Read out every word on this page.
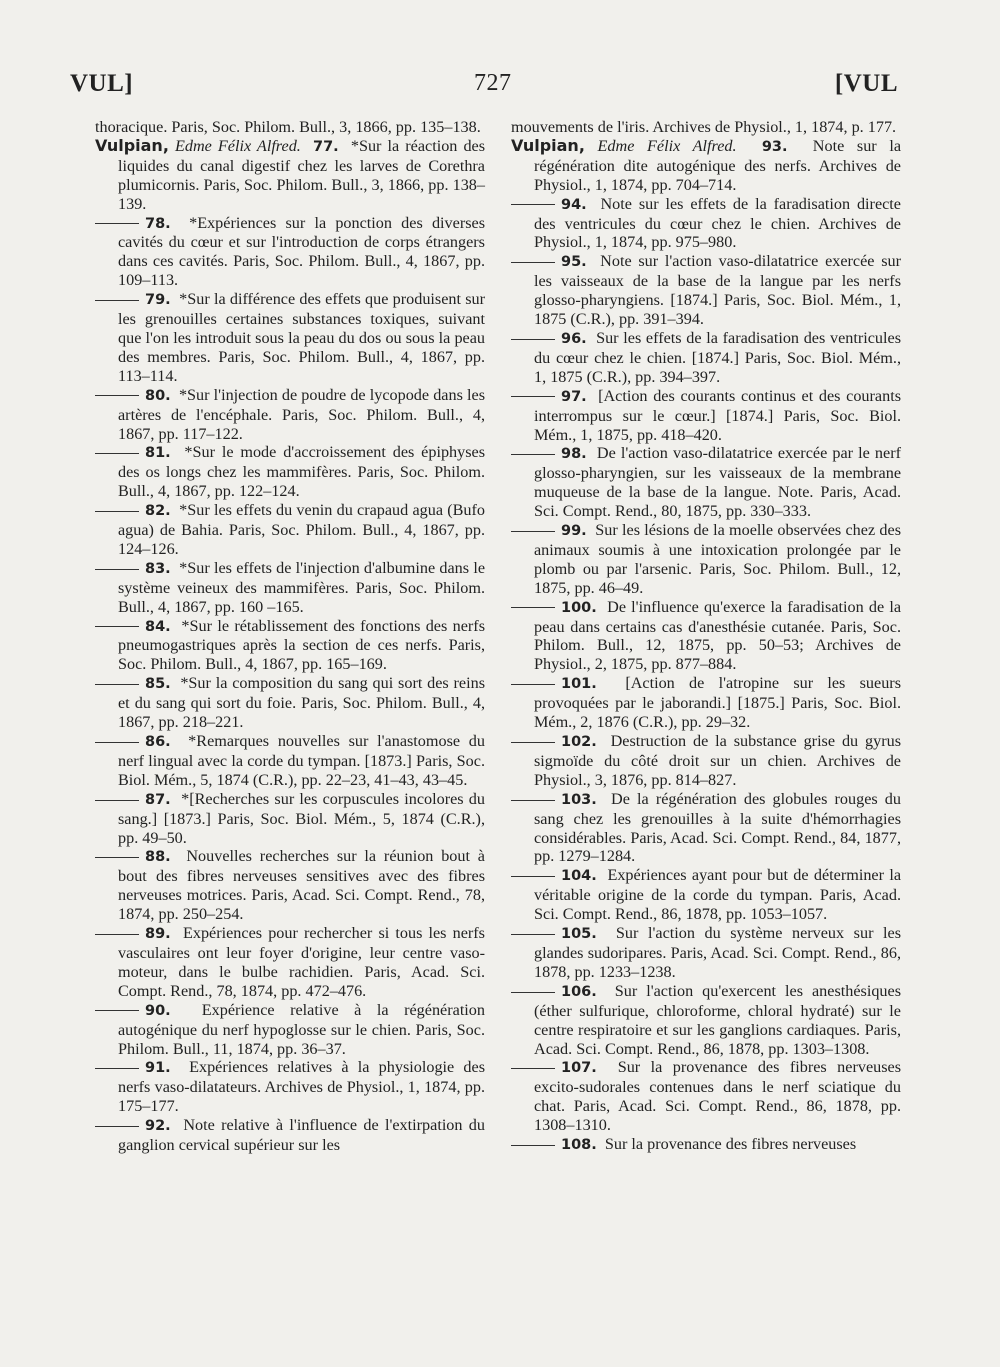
VUL]	727	[VUL
thoracique. Paris, Soc. Philom. Bull., 3, 1866, pp. 135–138.
Vulpian, Edme Félix Alfred. 77. *Sur la réaction des liquides du canal digestif chez les larves de Corethra plumicornis. Paris, Soc. Philom. Bull., 3, 1866, pp. 138–139.
78. *Expériences sur la ponction des diverses cavités du cœur et sur l'introduction de corps étrangers dans ces cavités. Paris, Soc. Philom. Bull., 4, 1867, pp. 109–113.
79. *Sur la différence des effets que produisent sur les grenouilles certaines substances toxiques, suivant que l'on les introduit sous la peau du dos ou sous la peau des membres. Paris, Soc. Philom. Bull., 4, 1867, pp. 113–114.
80. *Sur l'injection de poudre de lycopode dans les artères de l'encéphale. Paris, Soc. Philom. Bull., 4, 1867, pp. 117–122.
81. *Sur le mode d'accroissement des épiphyses des os longs chez les mammifères. Paris, Soc. Philom. Bull., 4, 1867, pp. 122–124.
82. *Sur les effets du venin du crapaud agua (Bufo agua) de Bahia. Paris, Soc. Philom. Bull., 4, 1867, pp. 124–126.
83. *Sur les effets de l'injection d'albumine dans le système veineux des mammifères. Paris, Soc. Philom. Bull., 4, 1867, pp. 160 –165.
84. *Sur le rétablissement des fonctions des nerfs pneumogastriques après la section de ces nerfs. Paris, Soc. Philom. Bull., 4, 1867, pp. 165–169.
85. *Sur la composition du sang qui sort des reins et du sang qui sort du foie. Paris, Soc. Philom. Bull., 4, 1867, pp. 218–221.
86. *Remarques nouvelles sur l'anastomose du nerf lingual avec la corde du tympan. [1873.] Paris, Soc. Biol. Mém., 5, 1874 (C.R.), pp. 22–23, 41–43, 43–45.
87. *[Recherches sur les corpuscules incolores du sang.] [1873.] Paris, Soc. Biol. Mém., 5, 1874 (C.R.), pp. 49–50.
88. Nouvelles recherches sur la réunion bout à bout des fibres nerveuses sensitives avec des fibres nerveuses motrices. Paris, Acad. Sci. Compt. Rend., 78, 1874, pp. 250–254.
89. Expériences pour rechercher si tous les nerfs vasculaires ont leur foyer d'origine, leur centre vaso-moteur, dans le bulbe rachidien. Paris, Acad. Sci. Compt. Rend., 78, 1874, pp. 472–476.
90. Expérience relative à la régénération autogénique du nerf hypoglosse sur le chien. Paris, Soc. Philom. Bull., 11, 1874, pp. 36–37.
91. Expériences relatives à la physiologie des nerfs vaso-dilatateurs. Archives de Physiol., 1, 1874, pp. 175–177.
92. Note relative à l'influence de l'extirpation du ganglion cervical supérieur sur les
mouvements de l'iris. Archives de Physiol., 1, 1874, p. 177.
Vulpian, Edme Félix Alfred. 93. Note sur la régénération dite autogénique des nerfs. Archives de Physiol., 1, 1874, pp. 704–714.
94. Note sur les effets de la faradisation directe des ventricules du cœur chez le chien. Archives de Physiol., 1, 1874, pp. 975–980.
95. Note sur l'action vaso-dilatatrice exercée sur les vaisseaux de la base de la langue par les nerfs glosso-pharyngiens. [1874.] Paris, Soc. Biol. Mém., 1, 1875 (C.R.), pp. 391–394.
96. Sur les effets de la faradisation des ventricules du cœur chez le chien. [1874.] Paris, Soc. Biol. Mém., 1, 1875 (C.R.), pp. 394–397.
97. [Action des courants continus et des courants interrompus sur le cœur.] [1874.] Paris, Soc. Biol. Mém., 1, 1875, pp. 418–420.
98. De l'action vaso-dilatatrice exercée par le nerf glosso-pharyngien, sur les vaisseaux de la membrane muqueuse de la base de la langue. Note. Paris, Acad. Sci. Compt. Rend., 80, 1875, pp. 330–333.
99. Sur les lésions de la moelle observées chez des animaux soumis à une intoxication prolongée par le plomb ou par l'arsenic. Paris, Soc. Philom. Bull., 12, 1875, pp. 46–49.
100. De l'influence qu'exerce la faradisation de la peau dans certains cas d'anesthésie cutanée. Paris, Soc. Philom. Bull., 12, 1875, pp. 50–53; Archives de Physiol., 2, 1875, pp. 877–884.
101. [Action de l'atropine sur les sueurs provoquées par le jaborandi.] [1875.] Paris, Soc. Biol. Mém., 2, 1876 (C.R.), pp. 29–32.
102. Destruction de la substance grise du gyrus sigmoïde du côté droit sur un chien. Archives de Physiol., 3, 1876, pp. 814–827.
103. De la régénération des globules rouges du sang chez les grenouilles à la suite d'hémorrhagies considérables. Paris, Acad. Sci. Compt. Rend., 84, 1877, pp. 1279–1284.
104. Expériences ayant pour but de déterminer la véritable origine de la corde du tympan. Paris, Acad. Sci. Compt. Rend., 86, 1878, pp. 1053–1057.
105. Sur l'action du système nerveux sur les glandes sudoripares. Paris, Acad. Sci. Compt. Rend., 86, 1878, pp. 1233–1238.
106. Sur l'action qu'exercent les anesthésiques (éther sulfurique, chloroforme, chloral hydraté) sur le centre respiratoire et sur les ganglions cardiaques. Paris, Acad. Sci. Compt. Rend., 86, 1878, pp. 1303–1308.
107. Sur la provenance des fibres nerveuses excito-sudorales contenues dans le nerf sciatique du chat. Paris, Acad. Sci. Compt. Rend., 86, 1878, pp. 1308–1310.
108. Sur la provenance des fibres nerveuses
